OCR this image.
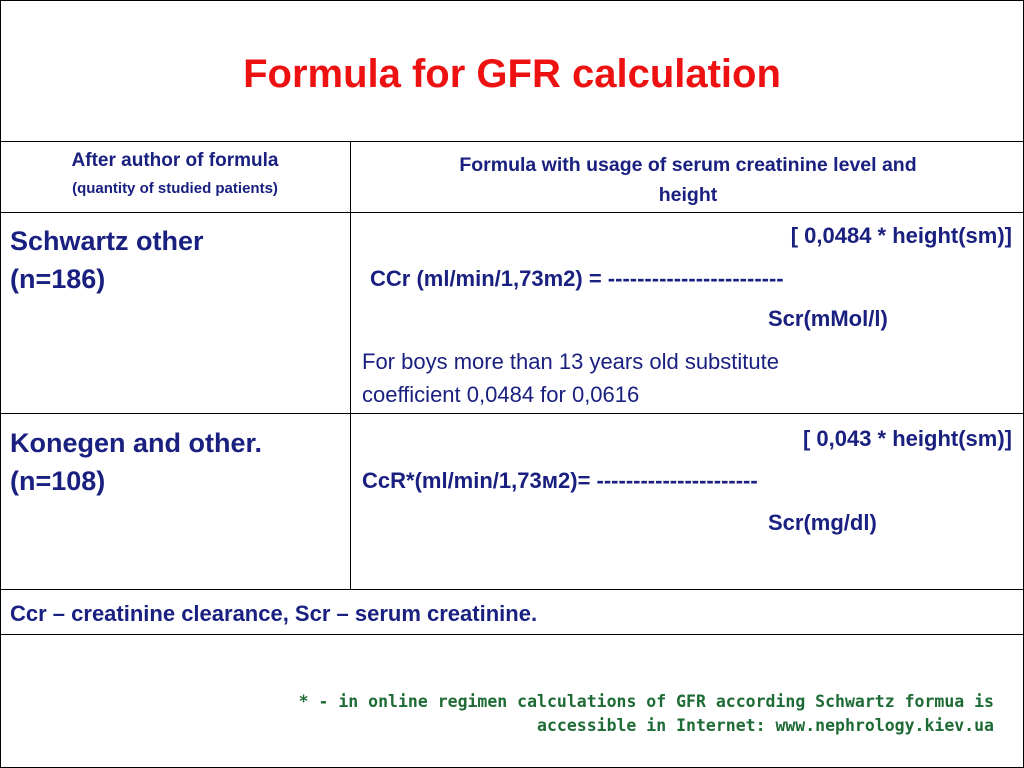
Formula for GFR calculation
After author of formula
(quantity of studied patients)
Formula with usage of serum creatinine level and
height
Schwartz other
(n=186)
[ 0,0484 * height(sm)]
CCr (ml/min/1,73m2) = ------------------------
Scr(mMol/l)
For boys more than 13 years old substitute
coefficient 0,0484 for 0,0616
Konegen and other.
(n=108)
[ 0,043 * height(sm)]
CcR*(ml/min/1,73м2)= ----------------------
Scr(mg/dl)
Ccr – creatinine clearance, Scr – serum creatinine.
* - in online regimen calculations of GFR according Schwartz formua is
accessible in Internet: www.nephrology.kiev.ua
